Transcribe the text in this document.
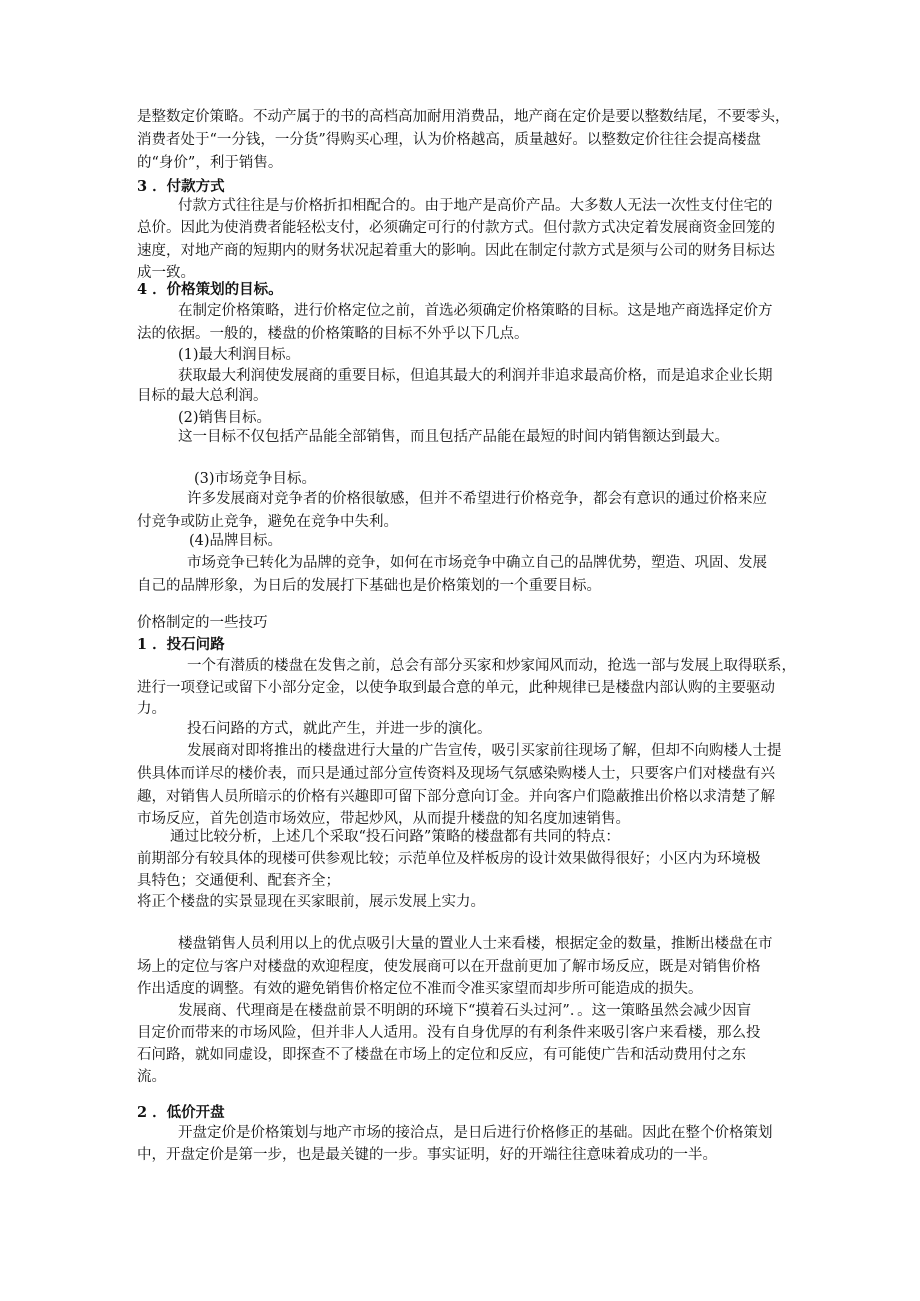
是整数定价策略。不动产属于的书的高档高加耐用消费品，地产商在定价是要以整数结尾，不要零头，
消费者处于“一分钱，一分货”得购买心理，认为价格越高，质量越好。以整数定价往往会提高楼盘
的“身价”，利于销售。
3 ．付款方式
付款方式往往是与价格折扣相配合的。由于地产是高价产品。大多数人无法一次性支付住宅的
总价。因此为使消费者能轻松支付，必须确定可行的付款方式。但付款方式决定着发展商资金回笼的
速度，对地产商的短期内的财务状况起着重大的影响。因此在制定付款方式是须与公司的财务目标达
成一致。
4 ．价格策划的目标。
在制定价格策略，进行价格定位之前，首选必须确定价格策略的目标。这是地产商选择定价方
法的依据。一般的，楼盘的价格策略的目标不外乎以下几点。
(1)最大利润目标。
获取最大利润使发展商的重要目标，但追其最大的利润并非追求最高价格，而是追求企业长期
目标的最大总利润。
(2)销售目标。
这一目标不仅包括产品能全部销售，而且包括产品能在最短的时间内销售额达到最大。
(3)市场竞争目标。
许多发展商对竞争者的价格很敏感，但并不希望进行价格竞争，都会有意识的通过价格来应
付竞争或防止竞争，避免在竞争中失利。
(4)品牌目标。
市场竞争已转化为品牌的竞争，如何在市场竞争中确立自己的品牌优势，塑造、巩固、发展
自己的品牌形象，为日后的发展打下基础也是价格策划的一个重要目标。
价格制定的一些技巧
1 ．投石问路
一个有潜质的楼盘在发售之前，总会有部分买家和炒家闻风而动，抢选一部与发展上取得联系，
进行一项登记或留下小部分定金，以使争取到最合意的单元，此种规律已是楼盘内部认购的主要驱动
力。
投石问路的方式，就此产生，并进一步的演化。
发展商对即将推出的楼盘进行大量的广告宣传，吸引买家前往现场了解，但却不向购楼人士提
供具体而详尽的楼价表，而只是通过部分宣传资料及现场气氛感染购楼人士，只要客户们对楼盘有兴
趣，对销售人员所暗示的价格有兴趣即可留下部分意向订金。并向客户们隐蔽推出价格以求清楚了解
市场反应，首先创造市场效应，带起炒风，从而提升楼盘的知名度加速销售。
通过比较分析，上述几个采取“投石问路”策略的楼盘都有共同的特点：
前期部分有较具体的现楼可供参观比较；示范单位及样板房的设计效果做得很好；小区内为环境极
具特色；交通便利、配套齐全；
将正个楼盘的实景显现在买家眼前，展示发展上实力。
楼盘销售人员利用以上的优点吸引大量的置业人士来看楼，根据定金的数量，推断出楼盘在市
场上的定位与客户对楼盘的欢迎程度，使发展商可以在开盘前更加了解市场反应，既是对销售价格
作出适度的调整。有效的避免销售价格定位不准而令准买家望而却步所可能造成的损失。
发展商、代理商是在楼盘前景不明朗的环境下“摸着石头过河”．。这一策略虽然会减少因盲
目定价而带来的市场风险，但并非人人适用。没有自身优厚的有利条件来吸引客户来看楼，那么投
石问路，就如同虚设，即探查不了楼盘在市场上的定位和反应，有可能使广告和活动费用付之东
流。
2 ．低价开盘
开盘定价是价格策划与地产市场的接洽点，是日后进行价格修正的基础。因此在整个价格策划
中，开盘定价是第一步，也是最关键的一步。事实证明，好的开端往往意味着成功的一半。
